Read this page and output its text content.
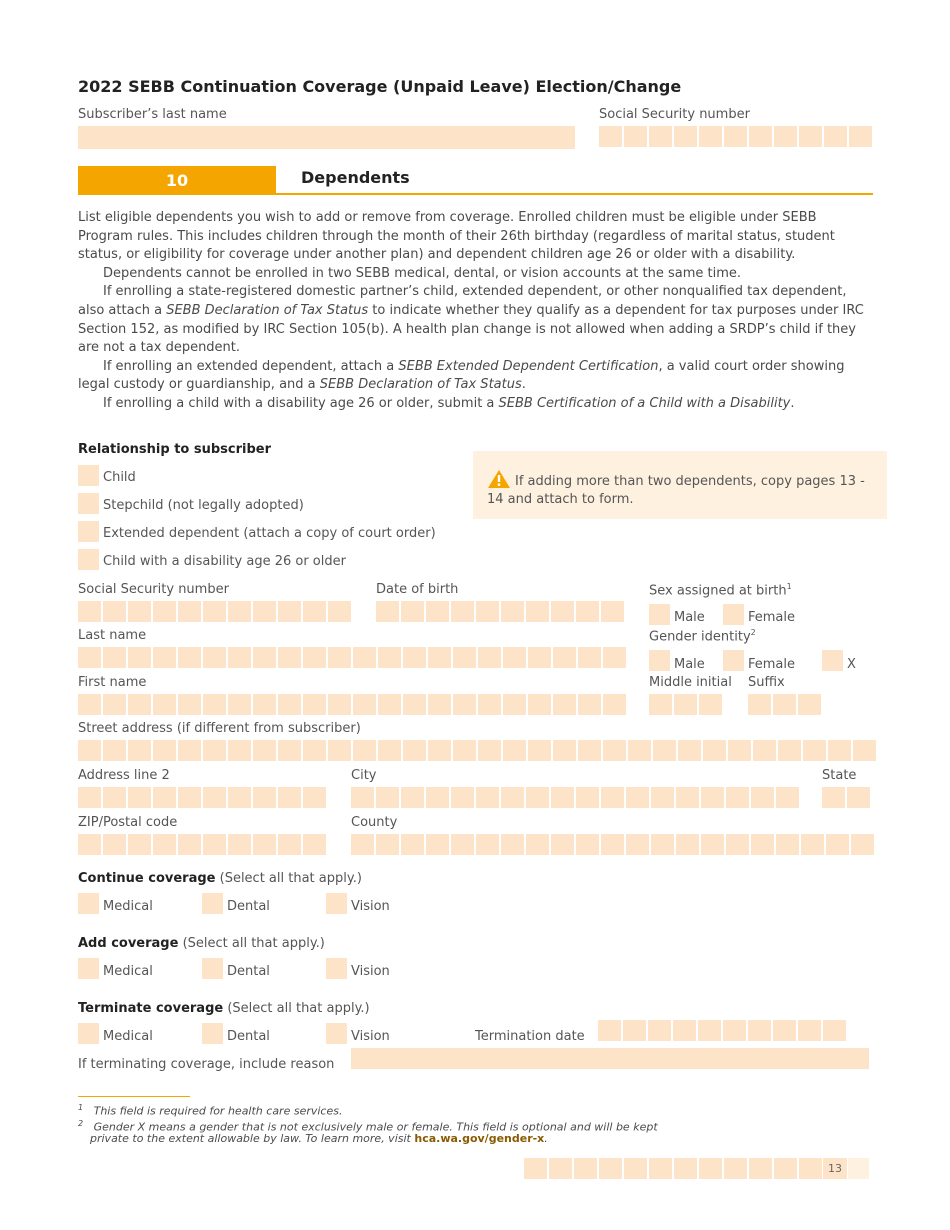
2022 SEBB Continuation Coverage (Unpaid Leave) Election/Change
Subscriber’s last name	Social Security number
10	Dependents

List eligible dependents you wish to add or remove from coverage. Enrolled children must be eligible under SEBB Program rules. This includes children through the month of their 26th birthday (regardless of marital status, student status, or eligibility for coverage under another plan) and dependent children age 26 or older with a disability.

Dependents cannot be enrolled in two SEBB medical, dental, or vision accounts at the same time.

If enrolling a state-registered domestic partner’s child, extended dependent, or other nonqualified tax dependent, also attach a SEBB Declaration of Tax Status to indicate whether they qualify as a dependent for tax purposes under IRC Section 152, as modified by IRC Section 105(b). A health plan change is not allowed when adding a SRDP’s child if they are not a tax dependent.

If enrolling an extended dependent, attach a SEBB Extended Dependent Certification, a valid court order showing legal custody or guardianship, and a SEBB Declaration of Tax Status.

If enrolling a child with a disability age 26 or older, submit a SEBB Certification of a Child with a Disability.

Relationship to subscriber
Child
Stepchild (not legally adopted)
Extended dependent (attach a copy of court order)
Child with a disability age 26 or older
If adding more than two dependents, copy pages 13 - 14 and attach to form.
Social Security number	Date of birth	Sex assigned at birth$^1$
Male	Female
Last name	Gender identity$^2$
Male	Female	X
First name	Middle initial Suffix
Street address (if different from subscriber)
Address line 2	City	State
ZIP/Postal code	County
Continue coverage (Select all that apply.)
Medical	Dental	Vision
Add coverage (Select all that apply.)
Medical	Dental	Vision
Terminate coverage (Select all that apply.)
Medical	Dental	Vision	Termination date
If terminating coverage, include reason
$^1$ This field is required for health care services.
$^2$ Gender X means a gender that is not exclusively male or female. This field is optional and will be kept
private to the extent allowable by law. To learn more, visit hca.wa.gov/gender-x.
13
